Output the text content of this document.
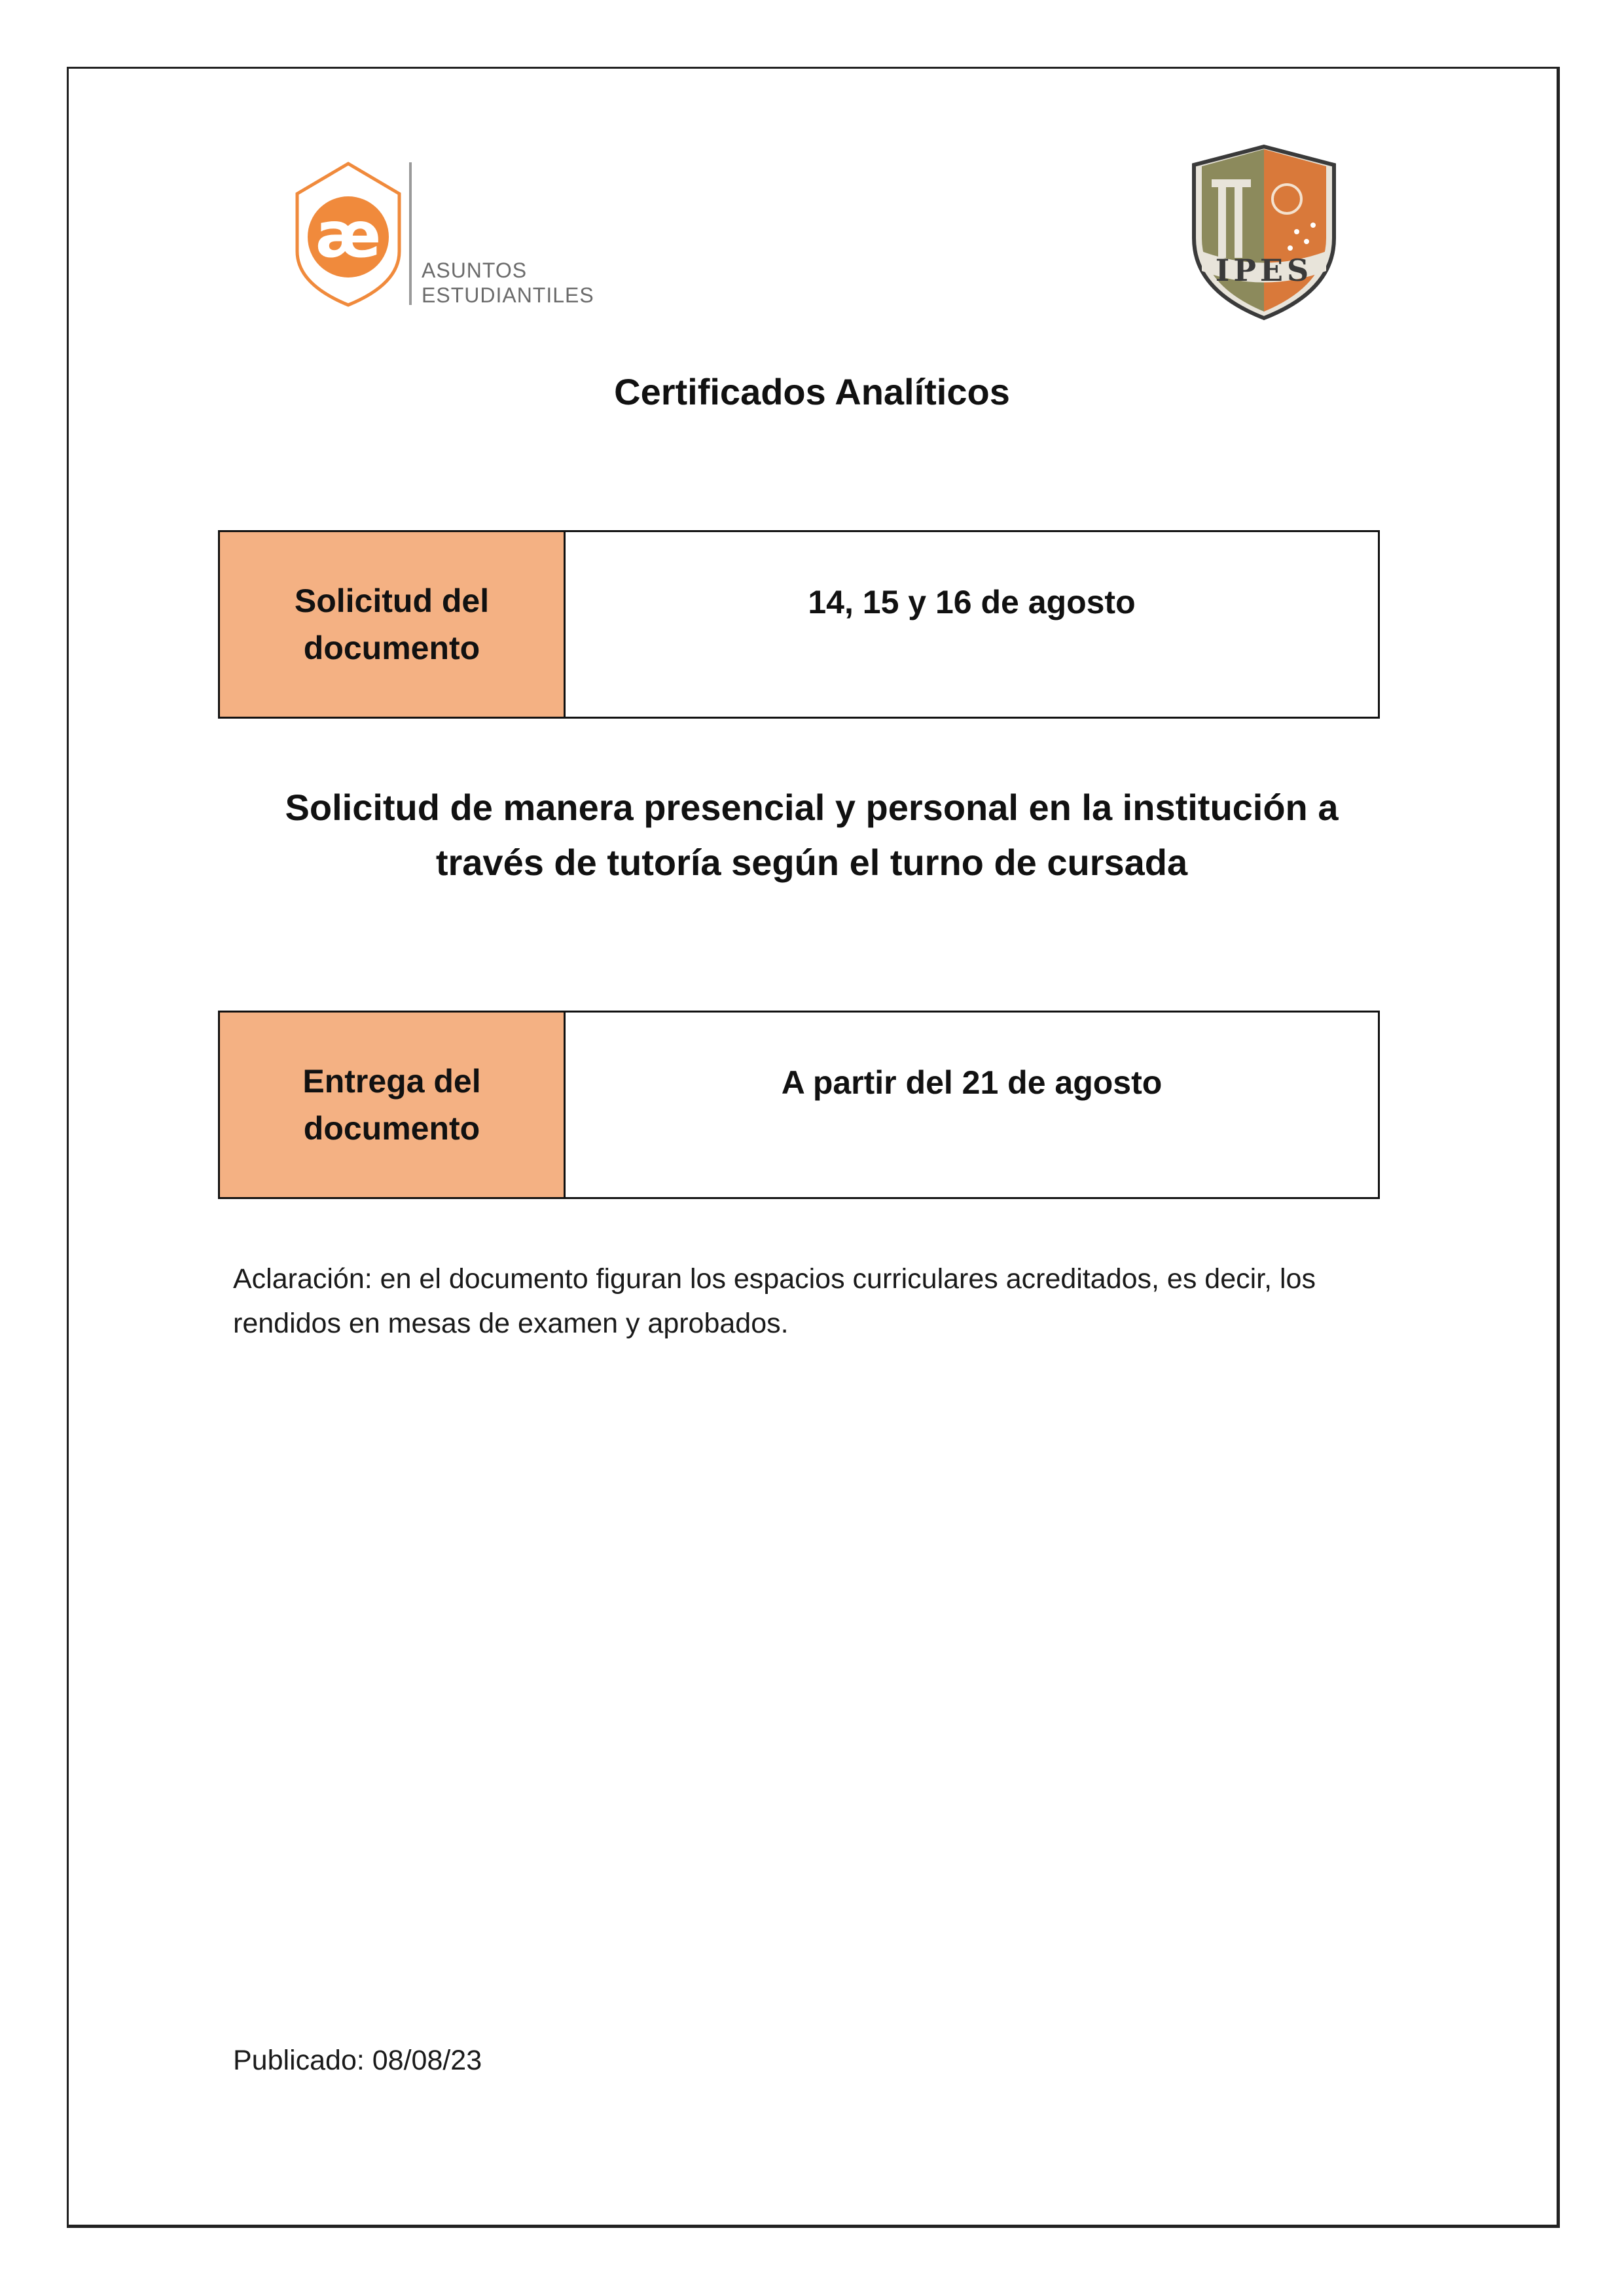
æ ASUNTOS
ESTUDIANTILES
IPES
Certificados Analíticos
Solicitud del documento
14, 15 y 16 de agosto
Solicitud de manera presencial y personal en la institución a través de tutoría según el turno de cursada
Entrega del documento
A partir del 21 de agosto
Aclaración: en el documento figuran los espacios curriculares acreditados, es decir, los rendidos en mesas de examen y aprobados.
Publicado: 08/08/23
